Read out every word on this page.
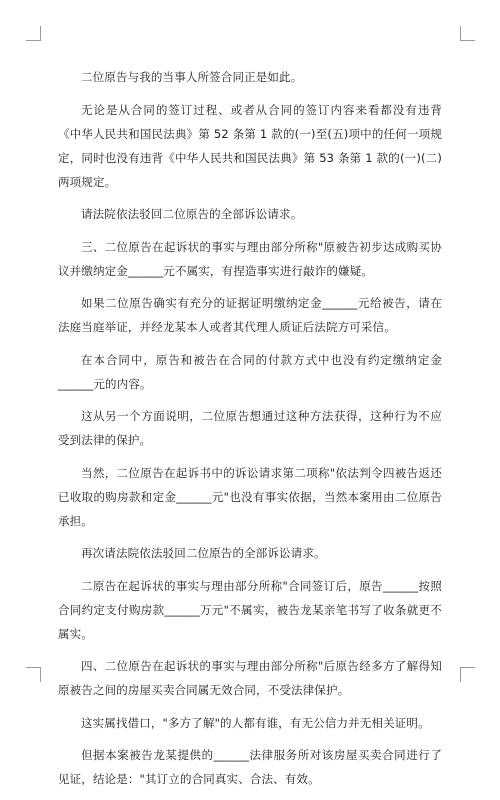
二位原告与我的当事人所签合同正是如此。

无论是从合同的签订过程、或者从合同的签订内容来看都没有违背《中华人民共和国民法典》第 52 条第 1 款的(一)至(五)项中的任何一项规定，同时也没有违背《中华人民共和国民法典》第 53 条第 1 款的(一)(二)两项规定。

请法院依法驳回二位原告的全部诉讼请求。

三、二位原告在起诉状的事实与理由部分所称"原被告初步达成购买协议并缴纳定金______元不属实，有捏造事实进行敲诈的嫌疑。

如果二位原告确实有充分的证据证明缴纳定金______元给被告，请在法庭当庭举证，并经龙某本人或者其代理人质证后法院方可采信。

在本合同中，原告和被告在合同的付款方式中也没有约定缴纳定金______元的内容。

这从另一个方面说明，二位原告想通过这种方法获得，这种行为不应受到法律的保护。

当然，二位原告在起诉书中的诉讼请求第二项称"依法判令四被告返还已收取的购房款和定金______元"也没有事实依据，当然本案用由二位原告承担。

再次请法院依法驳回二位原告的全部诉讼请求。

二原告在起诉状的事实与理由部分所称"合同签订后，原告______按照合同约定支付购房款______万元"不属实，被告龙某亲笔书写了收条就更不属实。

四、二位原告在起诉状的事实与理由部分所称"后原告经多方了解得知原被告之间的房屋买卖合同属无效合同，不受法律保护。

这实属找借口，"多方了解"的人都有谁，有无公信力并无相关证明。

但据本案被告龙某提供的______法律服务所对该房屋买卖合同进行了见证，结论是："其订立的合同真实、合法、有效。
